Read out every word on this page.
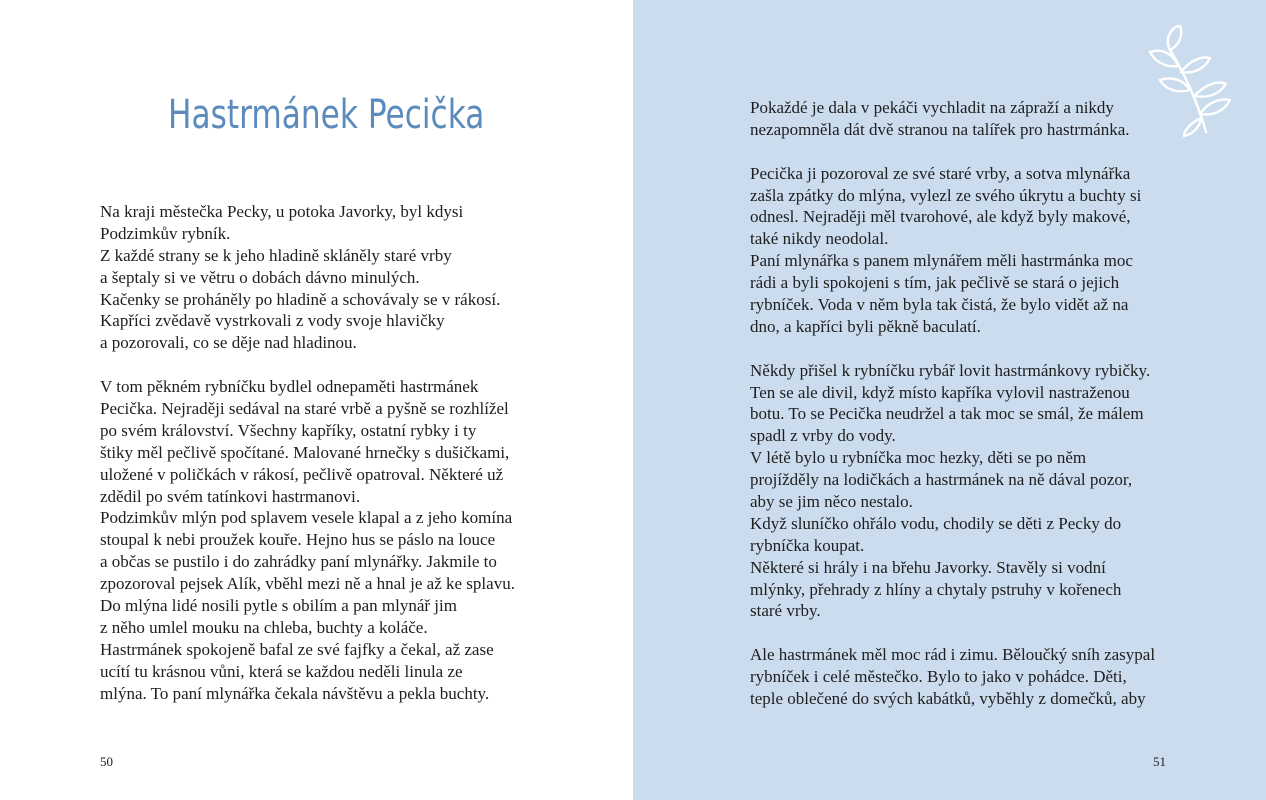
Hastrmánek Pecička
Na kraji městečka Pecky, u potoka Javorky, byl kdysi
Podzimkův rybník.
Z každé strany se k jeho hladině skláněly staré vrby
a šeptaly si ve větru o dobách dávno minulých.
Kačenky se proháněly po hladině a schovávaly se v rákosí.
Kapříci zvědavě vystrkovali z vody svoje hlavičky
a pozorovali, co se děje nad hladinou.
V tom pěkném rybníčku bydlel odnepaměti hastrmánek
Pecička. Nejraději sedával na staré vrbě a pyšně se rozhlížel
po svém království. Všechny kapříky, ostatní rybky i ty
štiky měl pečlivě spočítané. Malované hrnečky s dušičkami,
uložené v poličkách v rákosí, pečlivě opatroval. Některé už
zdědil po svém tatínkovi hastrmanovi.
Podzimkův mlýn pod splavem vesele klapal a z jeho komína
stoupal k nebi proužek kouře. Hejno hus se páslo na louce
a občas se pustilo i do zahrádky paní mlynářky. Jakmile to
zpozoroval pejsek Alík, vběhl mezi ně a hnal je až ke splavu.
Do mlýna lidé nosili pytle s obilím a pan mlynář jim
z něho umlel mouku na chleba, buchty a koláče.
Hastrmánek spokojeně bafal ze své fajfky a čekal, až zase
ucítí tu krásnou vůni, která se každou neděli linula ze
mlýna. To paní mlynářka čekala návštěvu a pekla buchty.
50
Pokaždé je dala v pekáči vychladit na zápraží a nikdy
nezapomněla dát dvě stranou na talířek pro hastrmánka.
Pecička ji pozoroval ze své staré vrby, a sotva mlynářka
zašla zpátky do mlýna, vylezl ze svého úkrytu a buchty si
odnesl. Nejraději měl tvarohové, ale když byly makové,
také nikdy neodolal.
Paní mlynářka s panem mlynářem měli hastrmánka moc
rádi a byli spokojeni s tím, jak pečlivě se stará o jejich
rybníček. Voda v něm byla tak čistá, že bylo vidět až na
dno, a kapříci byli pěkně baculatí.
Někdy přišel k rybníčku rybář lovit hastrmánkovy rybičky.
Ten se ale divil, když místo kapříka vylovil nastraženou
botu. To se Pecička neudržel a tak moc se smál, že málem
spadl z vrby do vody.
V létě bylo u rybníčka moc hezky, děti se po něm
projížděly na lodičkách a hastrmánek na ně dával pozor,
aby se jim něco nestalo.
Když sluníčko ohřálo vodu, chodily se děti z Pecky do
rybníčka koupat.
Některé si hrály i na břehu Javorky. Stavěly si vodní
mlýnky, přehrady z hlíny a chytaly pstruhy v kořenech
staré vrby.
Ale hastrmánek měl moc rád i zimu. Běloučký sníh zasypal
rybníček i celé městečko. Bylo to jako v pohádce. Děti,
teple oblečené do svých kabátků, vyběhly z domečků, aby
51
